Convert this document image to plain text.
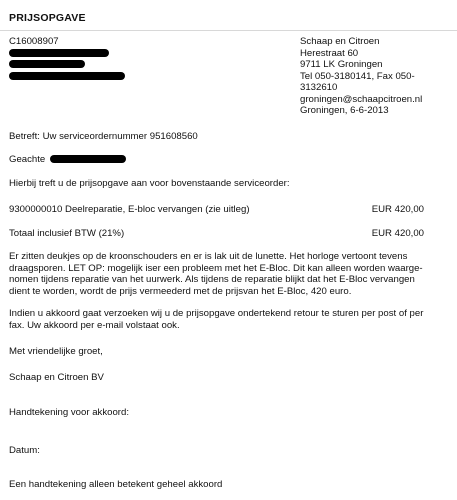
PRIJSOPGAVE
C16008907	Schaap en Citroen
Herestraat 60
9711 LK Groningen
Tel 050-3180141, Fax 050-
3132610
groningen@schaapcitroen.nl
Groningen, 6-6-2013
Betreft: Uw serviceordernummer 951608560
Geachte
Hierbij treft u de prijsopgave aan voor bovenstaande serviceorder:
9300000010 Deelreparatie, E-bloc vervangen (zie uitleg)	EUR 420,00
Totaal inclusief BTW (21%)	EUR 420,00
Er zitten deukjes op de kroonschouders en er is lak uit de lunette. Het horloge vertoont tevens
draagsporen. LET OP: mogelijk iser een probleem met het E-Bloc. Dit kan alleen worden waarge-
nomen tijdens reparatie van het uurwerk. Als tijdens de reparatie blijkt dat het E-Bloc vervangen
dient te worden, wordt de prijs vermeederd met de prijsvan het E-Bloc, 420 euro.
Indien u akkoord gaat verzoeken wij u de prijsopgave ondertekend retour te sturen per post of per
fax. Uw akkoord per e-mail volstaat ook.
Met vriendelijke groet,
Schaap en Citroen BV
Handtekening voor akkoord:
Datum:
Een handtekening alleen betekent geheel akkoord
